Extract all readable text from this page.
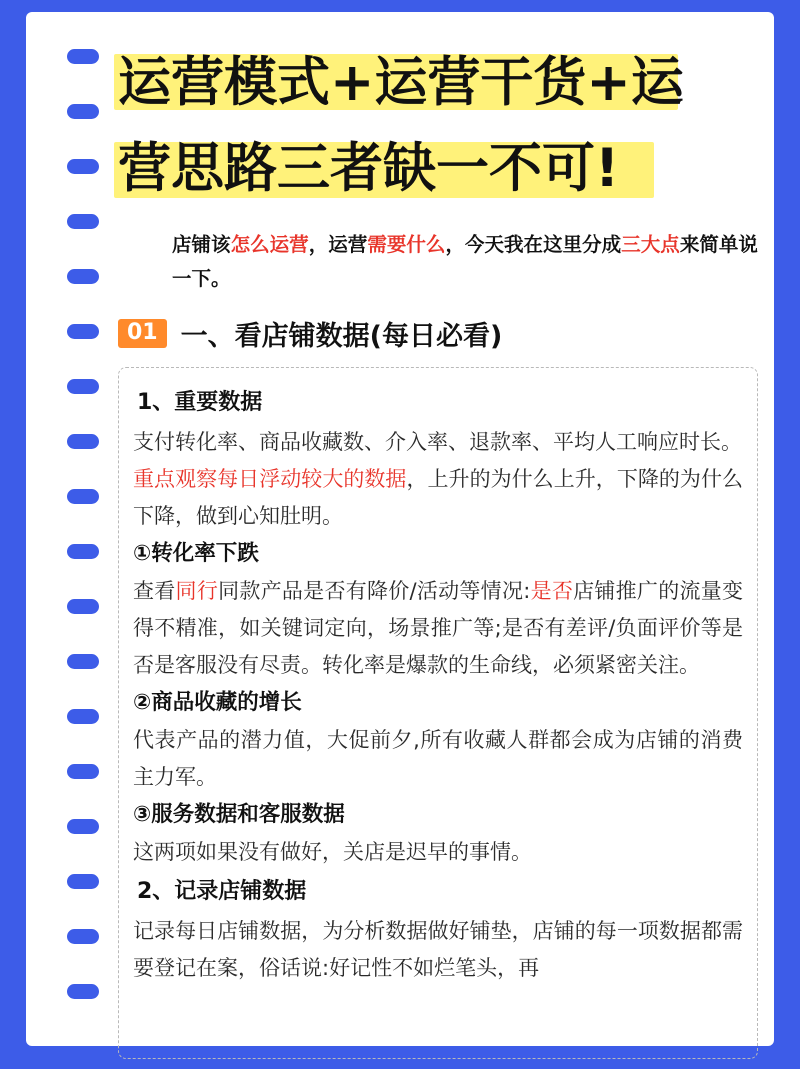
运营模式+运营干货+运
营思路三者缺一不可!
店铺该怎么运营，运营需要什么，今天我在这里分成三大点来简单说一下。
01 一、看店铺数据(每日必看)
1、重要数据
支付转化率、商品收藏数、介入率、退款率、平均人工响应时长。
重点观察每日浮动较大的数据，上升的为什么上升，下降的为什么下降，做到心知肚明。
①转化率下跌
查看同行同款产品是否有降价/活动等情况:是否店铺推广的流量变得不精准，如关键词定向，场景推广等;是否有差评/负面评价等是否是客服没有尽责。转化率是爆款的生命线，必须紧密关注。
②商品收藏的增长
代表产品的潜力值，大促前夕,所有收藏人群都会成为店铺的消费主力军。
③服务数据和客服数据
这两项如果没有做好，关店是迟早的事情。
2、记录店铺数据
记录每日店铺数据，为分析数据做好铺垫，店铺的每一项数据都需要登记在案，俗话说:好记性不如烂笔头，再
